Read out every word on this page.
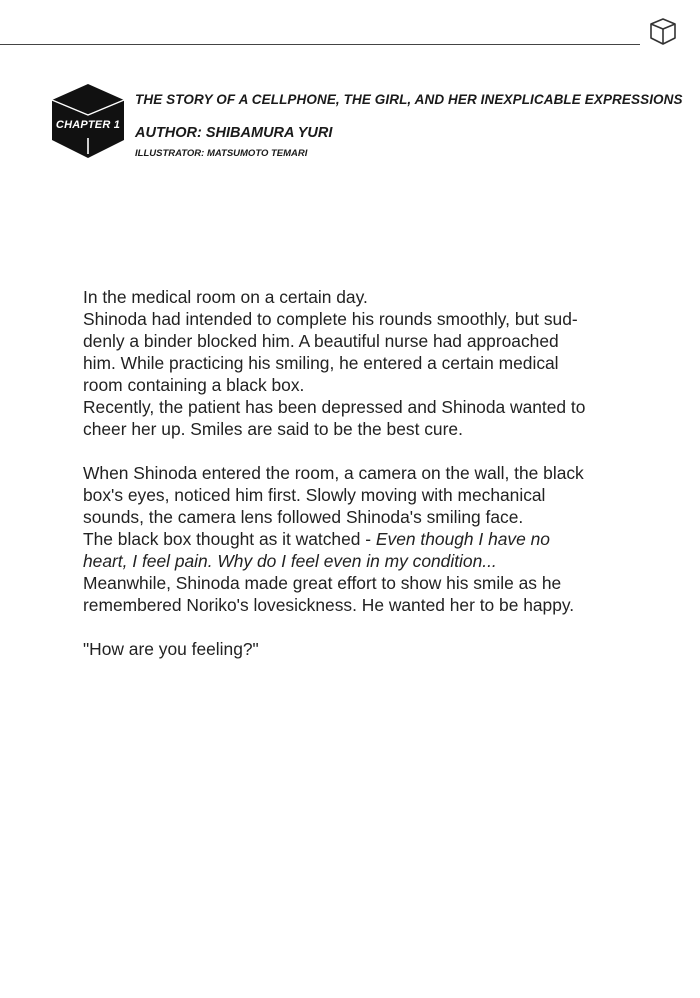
CHAPTER 1
THE STORY OF A CELLPHONE, THE GIRL, AND HER INEXPLICABLE EXPRESSIONS
AUTHOR: SHIBAMURA YURI
ILLUSTRATOR: MATSUMOTO TEMARI
In the medical room on a certain day.
Shinoda had intended to complete his rounds smoothly, but sud-
denly a binder blocked him. A beautiful nurse had approached
him. While practicing his smiling, he entered a certain medical
room containing a black box.
Recently, the patient has been depressed and Shinoda wanted to
cheer her up. Smiles are said to be the best cure.
When Shinoda entered the room, a camera on the wall, the black
box's eyes, noticed him first. Slowly moving with mechanical
sounds, the camera lens followed Shinoda's smiling face.
The black box thought as it watched - Even though I have no
heart, I feel pain. Why do I feel even in my condition...
Meanwhile, Shinoda made great effort to show his smile as he
remembered Noriko's lovesickness. He wanted her to be happy.
"How are you feeling?"
